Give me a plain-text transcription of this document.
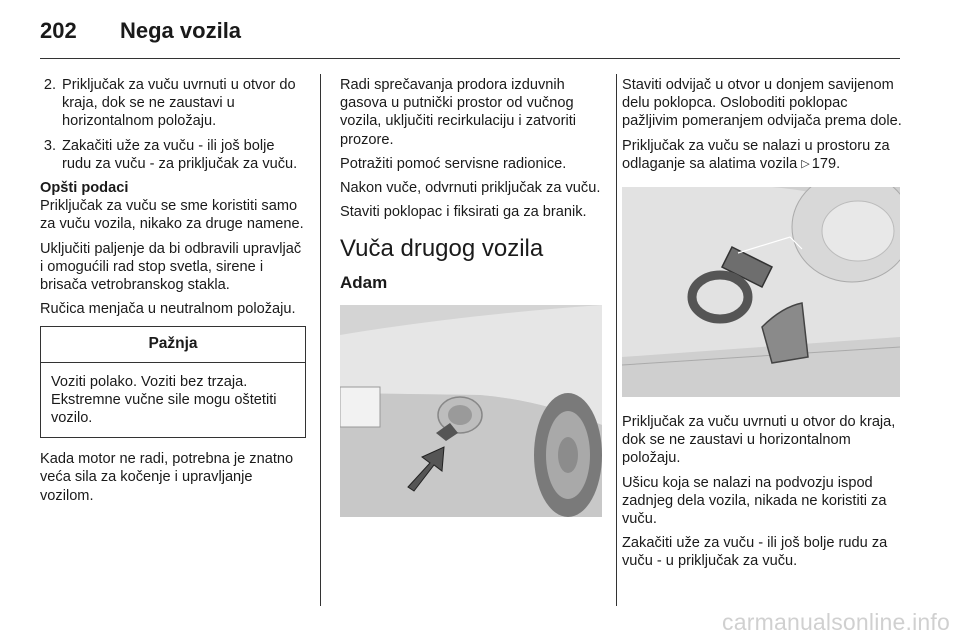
202	Nega vozila
2. Priključak za vuču uvrnuti u otvor do kraja, dok se ne zaustavi u horizontalnom položaju.
3. Zakačiti uže za vuču - ili još bolje rudu za vuču - za priključak za vuču.
Opšti podaci

Priključak za vuču se sme koristiti samo za vuču vozila, nikako za druge namene.

Uključiti paljenje da bi odbravili upravljač i omogućili rad stop svetla, sirene i brisača vetrobranskog stakla.

Ručica menjača u neutralnom položaju.

Pažnja
Voziti polako. Voziti bez trzaja. Ekstremne vučne sile mogu oštetiti vozilo.

Kada motor ne radi, potrebna je znatno veća sila za kočenje i upravljanje vozilom.

Radi sprečavanja prodora izduvnih gasova u putnički prostor od vučnog vozila, uključiti recirkulaciju i zatvoriti prozore.

Potražiti pomoć servisne radionice.

Nakon vuče, odvrnuti priključak za vuču.

Staviti poklopac i fiksirati ga za branik.

Vuča drugog vozila
Adam

Staviti odvijač u otvor u donjem savijenom delu poklopca. Osloboditi poklopac pažljivim pomeranjem odvijača prema dole.

Priključak za vuču se nalazi u prostoru za odlaganje sa alatima vozila ▷ 179.

Priključak za vuču uvrnuti u otvor do kraja, dok se ne zaustavi u horizontalnom položaju.

Ušicu koja se nalazi na podvozju ispod zadnjeg dela vozila, nikada ne koristiti za vuču.

Zakačiti uže za vuču - ili još bolje rudu za vuču - u priključak za vuču.

carmanualsonline.info
